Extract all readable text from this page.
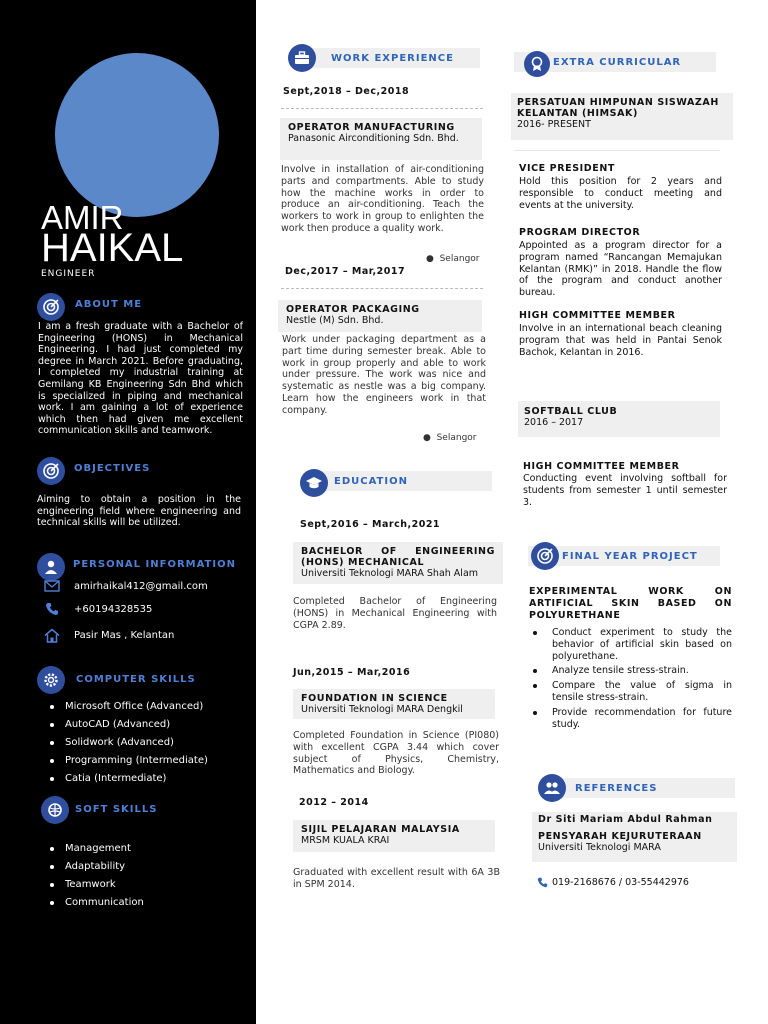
AMIR
HAIKAL
ENGINEER
ABOUT ME
I am a fresh graduate with a Bachelor of Engineering (HONS) in Mechanical Engineering. I had just completed my degree in March 2021. Before graduating, I completed my industrial training at Gemilang KB Engineering Sdn Bhd which is specialized in piping and mechanical work. I am gaining a lot of experience which then had given me excellent communication skills and teamwork.
OBJECTIVES
Aiming to obtain a position in the engineering field where engineering and technical skills will be utilized.
PERSONAL INFORMATION
amirhaikal412@gmail.com
+60194328535
Pasir Mas , Kelantan
COMPUTER SKILLS
Microsoft Office (Advanced)
AutoCAD (Advanced)
Solidwork (Advanced)
Programming (Intermediate)
Catia (Intermediate)
SOFT SKILLS
Management
Adaptability
Teamwork
Communication
WORK EXPERIENCE
Sept,2018 – Dec,2018
OPERATOR MANUFACTURING
Panasonic Airconditioning Sdn. Bhd.
Involve in installation of air-conditioning parts and compartments. Able to study how the machine works in order to produce an air-conditioning. Teach the workers to work in group to enlighten the work then produce a quality work.
● Selangor
Dec,2017 – Mar,2017
OPERATOR PACKAGING
Nestle (M) Sdn. Bhd.
Work under packaging department as a part time during semester break. Able to work in group properly and able to work under pressure. The work was nice and systematic as nestle was a big company. Learn how the engineers work in that company.
● Selangor
EDUCATION
Sept,2016 – March,2021
BACHELOR OF ENGINEERING (HONS) MECHANICAL
Universiti Teknologi MARA Shah Alam
Completed Bachelor of Engineering (HONS) in Mechanical Engineering with CGPA 2.89.
Jun,2015 – Mar,2016
FOUNDATION IN SCIENCE
Universiti Teknologi MARA Dengkil
Completed Foundation in Science (PI080) with excellent CGPA 3.44 which cover subject of Physics, Chemistry, Mathematics and Biology.
2012 – 2014
SIJIL PELAJARAN MALAYSIA
MRSM KUALA KRAI
Graduated with excellent result with 6A 3B in SPM 2014.
EXTRA CURRICULAR
PERSATUAN HIMPUNAN SISWAZAH KELANTAN (HIMSAK)
2016- PRESENT
VICE PRESIDENT
Hold this position for 2 years and responsible to conduct meeting and events at the university.
PROGRAM DIRECTOR
Appointed as a program director for a program named “Rancangan Memajukan Kelantan (RMK)” in 2018. Handle the flow of the program and conduct another bureau.
HIGH COMMITTEE MEMBER
Involve in an international beach cleaning program that was held in Pantai Senok Bachok, Kelantan in 2016.
SOFTBALL CLUB
2016 – 2017
HIGH COMMITTEE MEMBER
Conducting event involving softball for students from semester 1 until semester 3.
FINAL YEAR PROJECT
EXPERIMENTAL WORK ON ARTIFICIAL SKIN BASED ON POLYURETHANE
Conduct experiment to study the behavior of artificial skin based on polyurethane.
Analyze tensile stress-strain.
Compare the value of sigma in tensile stress-strain.
Provide recommendation for future study.
REFERENCES
Dr Siti Mariam Abdul Rahman
PENSYARAH KEJURUTERAAN
Universiti Teknologi MARA
019-2168676 / 03-55442976
